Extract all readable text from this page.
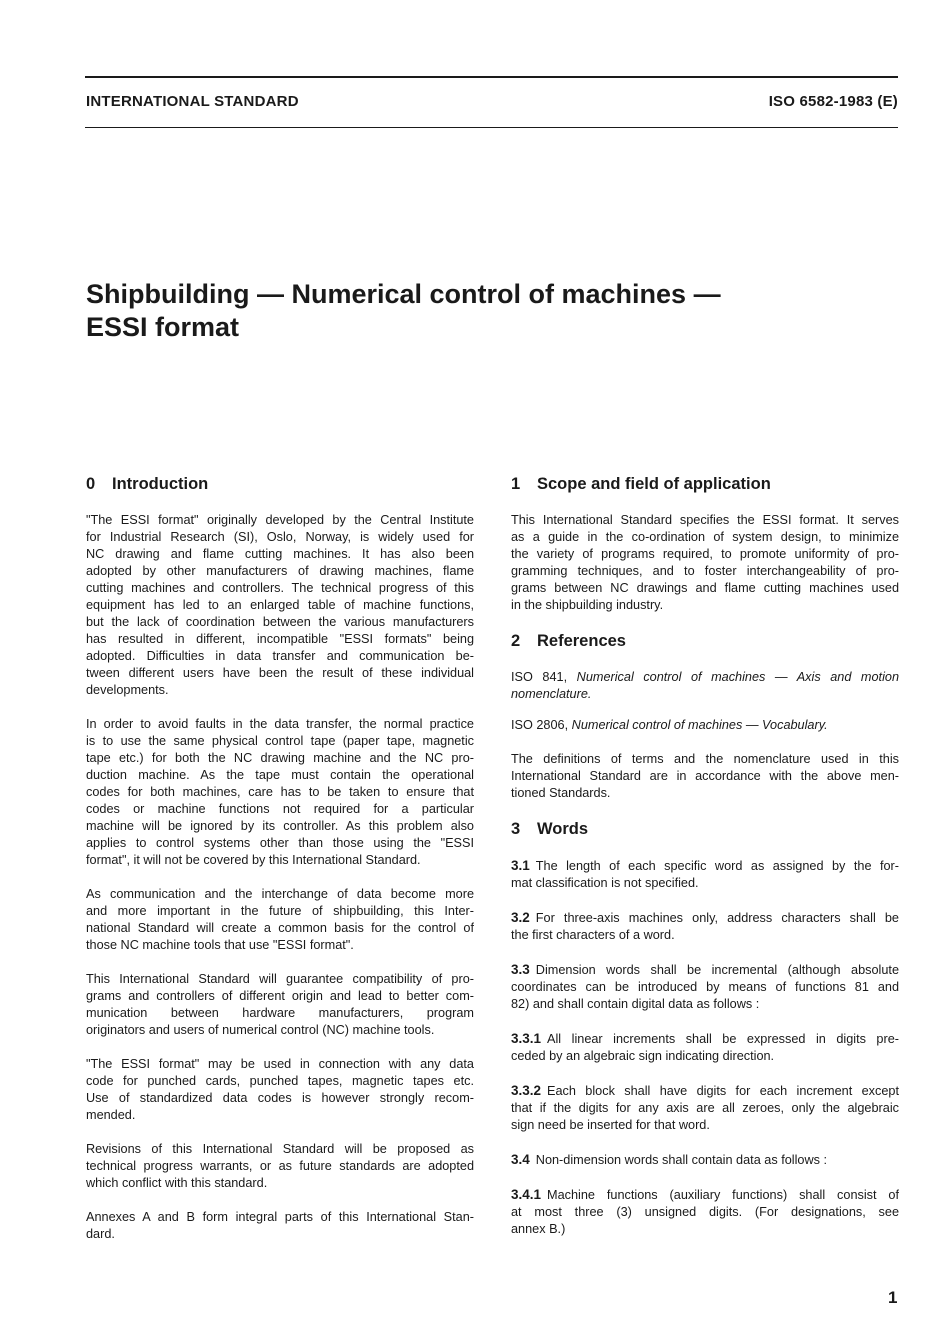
INTERNATIONAL STANDARD	ISO 6582-1983 (E)
Shipbuilding — Numerical control of machines —
ESSI format
0 Introduction

"The ESSI format" originally developed by the Central Institute

for Industrial Research (SI), Oslo, Norway, is widely used for

NC drawing and flame cutting machines. It has also been

adopted by other manufacturers of drawing machines, flame

cutting machines and controllers. The technical progress of this

equipment has led to an enlarged table of machine functions,

but the lack of coordination between the various manufacturers

has resulted in different, incompatible "ESSI formats" being

adopted. Difficulties in data transfer and communication be-

tween different users have been the result of these individual

developments.

In order to avoid faults in the data transfer, the normal practice

is to use the same physical control tape (paper tape, magnetic

tape etc.) for both the NC drawing machine and the NC pro-

duction machine. As the tape must contain the operational

codes for both machines, care has to be taken to ensure that

codes or machine functions not required for a particular

machine will be ignored by its controller. As this problem also

applies to control systems other than those using the "ESSI

format", it will not be covered by this International Standard.

As communication and the interchange of data become more

and more important in the future of shipbuilding, this Inter-

national Standard will create a common basis for the control of

those NC machine tools that use "ESSI format".

This International Standard will guarantee compatibility of pro-

grams and controllers of different origin and lead to better com-

munication between hardware manufacturers, program

originators and users of numerical control (NC) machine tools.

"The ESSI format" may be used in connection with any data

code for punched cards, punched tapes, magnetic tapes etc.

Use of standardized data codes is however strongly recom-

mended.

Revisions of this International Standard will be proposed as

technical progress warrants, or as future standards are adopted

which conflict with this standard.

Annexes A and B form integral parts of this International Stan-

dard.

1 Scope and field of application

This International Standard specifies the ESSI format. It serves

as a guide in the co-ordination of system design, to minimize

the variety of programs required, to promote uniformity of pro-

gramming techniques, and to foster interchangeability of pro-

grams between NC drawings and flame cutting machines used

in the shipbuilding industry.

2 References

ISO 841, Numerical control of machines — Axis and motion

nomenclature.

ISO 2806, Numerical control of machines — Vocabulary.

The definitions of terms and the nomenclature used in this

International Standard are in accordance with the above men-

tioned Standards.

3 Words

3.1 The length of each specific word as assigned by the for-

mat classification is not specified.

3.2 For three-axis machines only, address characters shall be

the first characters of a word.

3.3 Dimension words shall be incremental (although absolute

coordinates can be introduced by means of functions 81 and

82) and shall contain digital data as follows :

3.3.1 All linear increments shall be expressed in digits pre-

ceded by an algebraic sign indicating direction.

3.3.2 Each block shall have digits for each increment except

that if the digits for any axis are all zeroes, only the algebraic

sign need be inserted for that word.

3.4 Non-dimension words shall contain data as follows :

3.4.1 Machine functions (auxiliary functions) shall consist of

at most three (3) unsigned digits. (For designations, see

annex B.)

1
